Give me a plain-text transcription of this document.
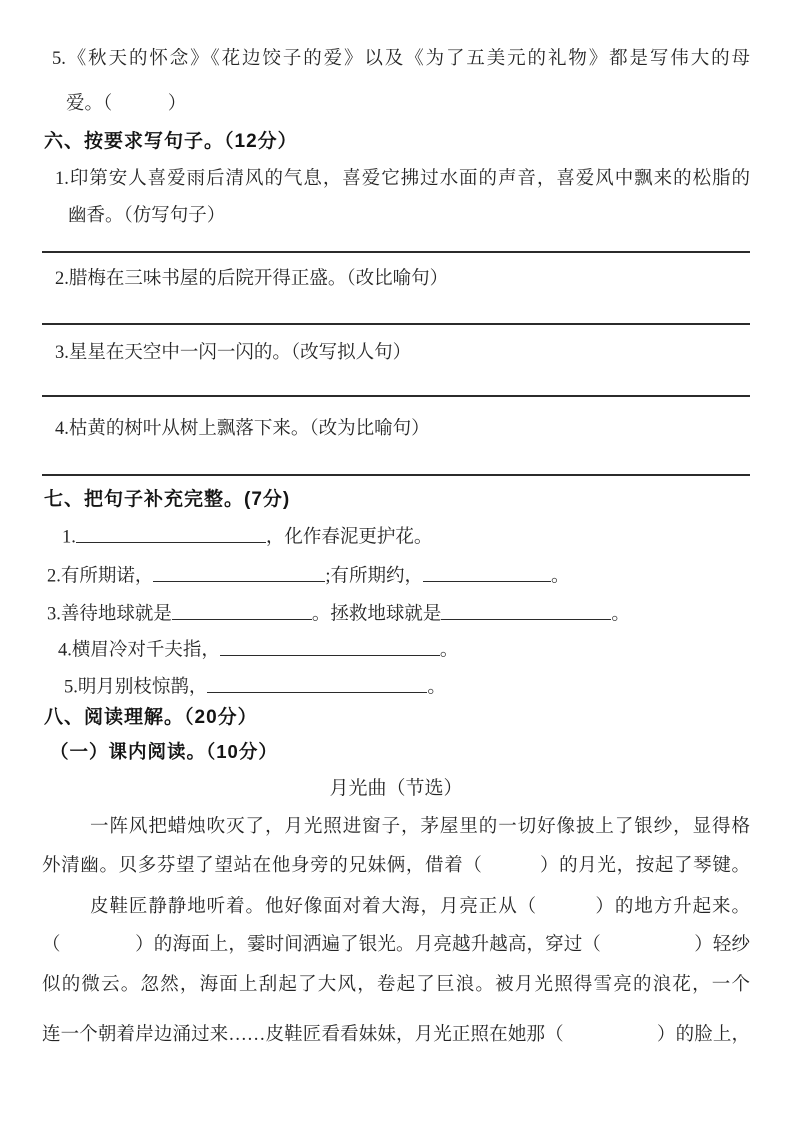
5.《秋天的怀念》《花边饺子的爱》以及《为了五美元的礼物》都是写伟大的母
爱。（　　　）
六、按要求写句子。（12分）
1.印第安人喜爱雨后清风的气息，喜爱它拂过水面的声音，喜爱风中飘来的松脂的
幽香。（仿写句子）
2.腊梅在三味书屋的后院开得正盛。（改比喻句）
3.星星在天空中一闪一闪的。（改写拟人句）
4.枯黄的树叶从树上飘落下来。（改为比喻句）
七、把句子补充完整。(7分)
1.	，化作春泥更护花。
2.有所期诺，	;有所期约，	。
3.善待地球就是	。拯救地球就是	。
4.横眉冷对千夫指，	。
5.明月别枝惊鹊，	。
八、阅读理解。（20分）
（一）课内阅读。（10分）
月光曲（节选）
一阵风把蜡烛吹灭了，月光照进窗子，茅屋里的一切好像披上了银纱，显得格
外清幽。贝多芬望了望站在他身旁的兄妹俩，借着（　　　）的月光，按起了琴键。
皮鞋匠静静地听着。他好像面对着大海，月亮正从（　　　）的地方升起来。
（　　　　）的海面上，霎时间洒遍了银光。月亮越升越高，穿过（　　　　　）轻纱
似的微云。忽然，海面上刮起了大风，卷起了巨浪。被月光照得雪亮的浪花，一个
连一个朝着岸边涌过来……皮鞋匠看看妹妹，月光正照在她那（　　　　　）的脸上，
